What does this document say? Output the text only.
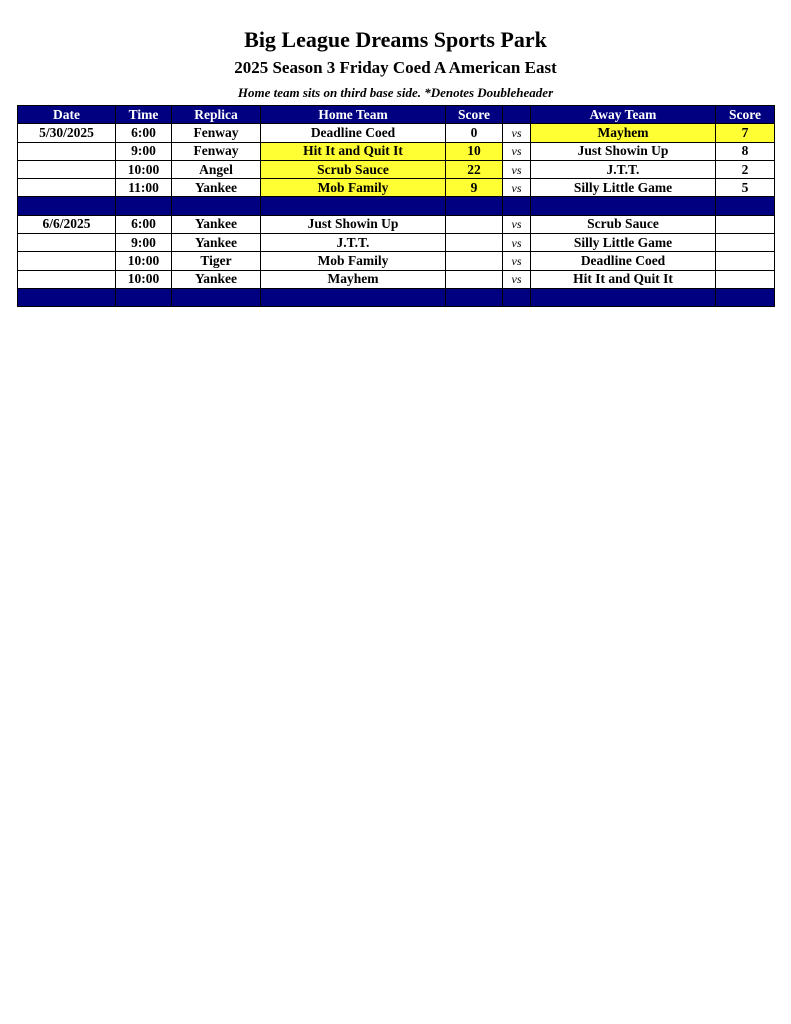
Big League Dreams Sports Park
2025 Season 3 Friday Coed A American East
Home team sits on third base side. *Denotes Doubleheader
Date	Time	Replica	Home Team	Score		Away Team	Score
5/30/2025	6:00	Fenway	Deadline Coed	0	vs	Mayhem	7
	9:00	Fenway	Hit It and Quit It	10	vs	Just Showin Up	8
	10:00	Angel	Scrub Sauce	22	vs	J.T.T.	2
	11:00	Yankee	Mob Family	9	vs	Silly Little Game	5

6/6/2025	6:00	Yankee	Just Showin Up		vs	Scrub Sauce	
	9:00	Yankee	J.T.T.		vs	Silly Little Game	
	10:00	Tiger	Mob Family		vs	Deadline Coed	
	10:00	Yankee	Mayhem		vs	Hit It and Quit It	
